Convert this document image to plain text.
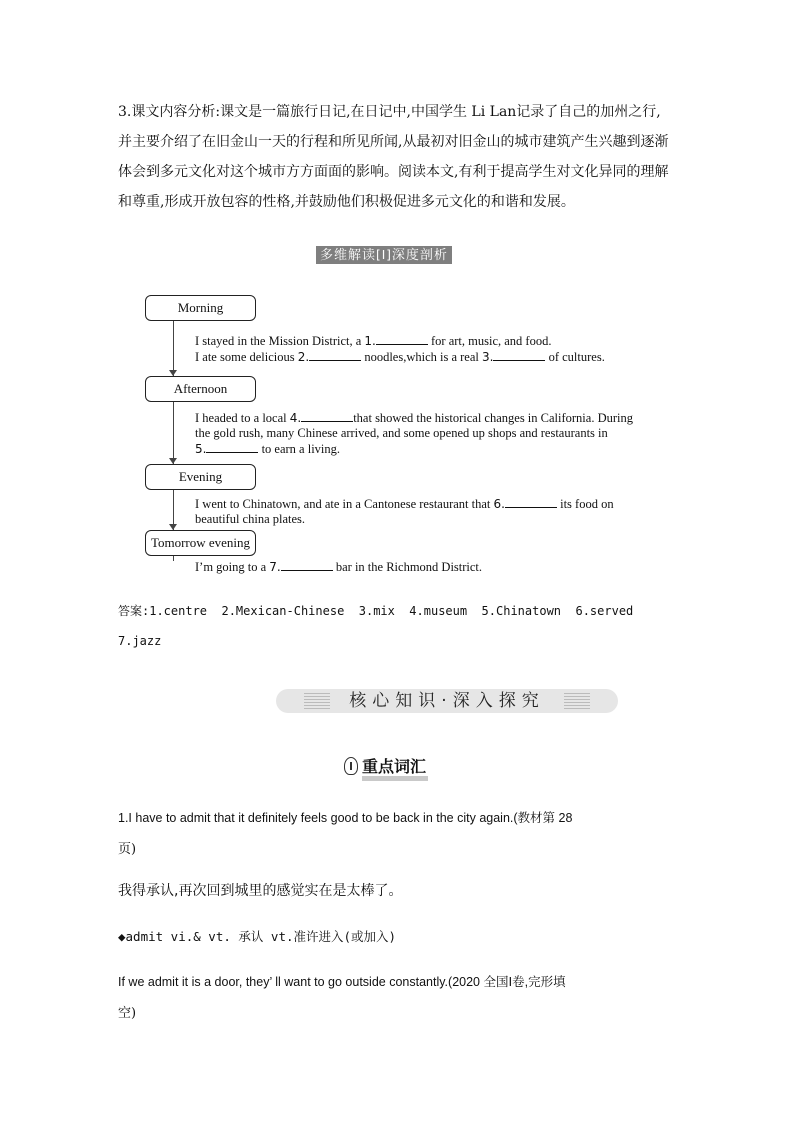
3.课文内容分析:课文是一篇旅行日记,在日记中,中国学生 Li Lan记录了自己的加州之行,
并主要介绍了在旧金山一天的行程和所见所闻,从最初对旧金山的城市建筑产生兴趣到逐渐
体会到多元文化对这个城市方方面面的影响。阅读本文,有利于提高学生对文化异同的理解
和尊重,形成开放包容的性格,并鼓励他们积极促进多元文化的和谐和发展。
多维解读[I]深度剖析
Morning
Afternoon
Evening
Tomorrow evening
I stayed in the Mission District, a 1.	for art, music, and food.
I ate some delicious 2.	noodles,which is a real 3.	of cultures.
I headed to a local 4.	that showed the historical changes in California. During
the gold rush, many Chinese arrived, and some opened up shops and restaurants in
5.	to earn a living.
I went to Chinatown, and ate in a Cantonese restaurant that 6.	its food on
beautiful china plates.
I’m going to a 7.	bar in the Richmond District.
答案:1.centre  2.Mexican-Chinese  3.mix  4.museum  5.Chinatown  6.served
7.jazz
核心知识·深入探究
重点词汇
1.I have to admit that it definitely feels good to be back in the city again.(教材第 28
页)
我得承认,再次回到城里的感觉实在是太棒了。
◆admit vi.& vt. 承认 vt.准许进入(或加入)
If we admit it is a door, they’ ll want to go outside constantly.(2020 全国Ⅰ卷,完形填
空)
